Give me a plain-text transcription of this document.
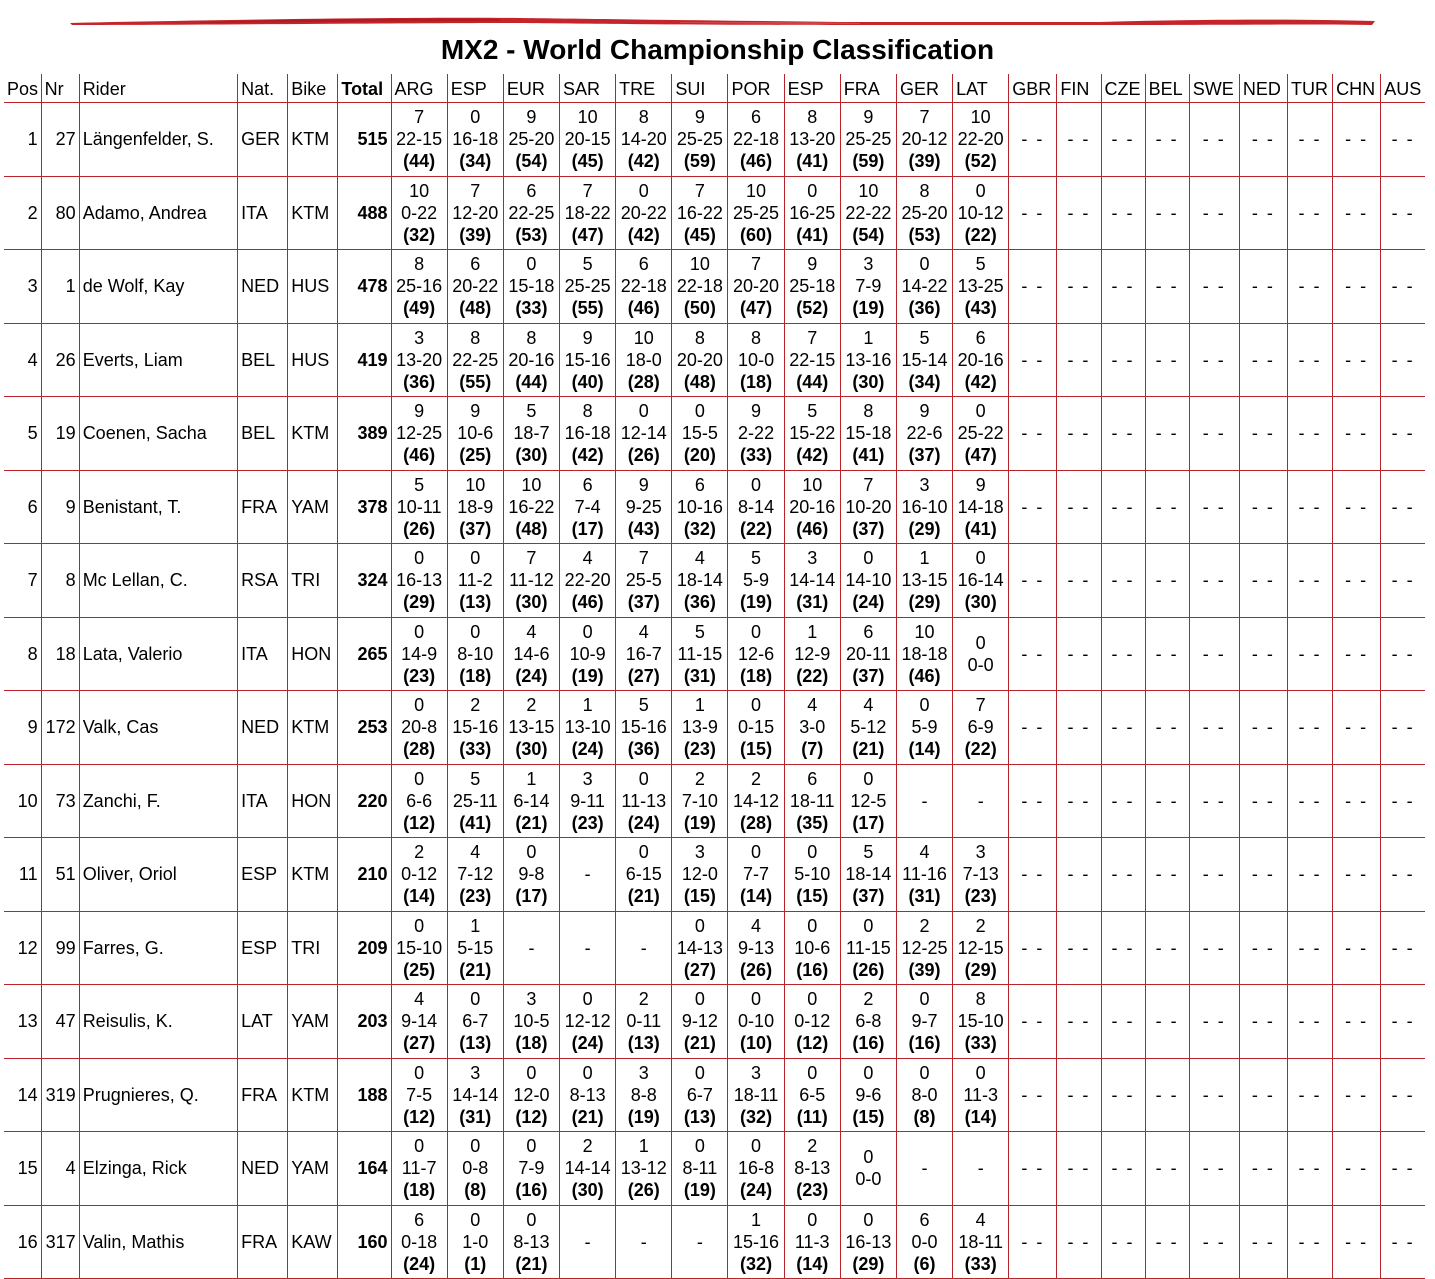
MX2 - World Championship Classification
Pos	Nr	Rider	Nat.	Bike	Total	ARG	ESP	EUR	SAR	TRE	SUI	POR	ESP	FRA	GER	LAT	GBR	FIN	CZE	BEL	SWE	NED	TUR	CHN	AUS
1	27	Längenfelder, S.	GER	KTM	515	7
22-15
(44)	0
16-18
(34)	9
25-20
(54)	10
20-15
(45)	8
14-20
(42)	9
25-25
(59)	6
22-18
(46)	8
13-20
(41)	9
25-25
(59)	7
20-12
(39)	10
22-20
(52)	- -	- -	- -	- -	- -	- -	- -	- -	- -
2	80	Adamo, Andrea	ITA	KTM	488	10
0-22
(32)	7
12-20
(39)	6
22-25
(53)	7
18-22
(47)	0
20-22
(42)	7
16-22
(45)	10
25-25
(60)	0
16-25
(41)	10
22-22
(54)	8
25-20
(53)	0
10-12
(22)	- -	- -	- -	- -	- -	- -	- -	- -	- -
3	1	de Wolf, Kay	NED	HUS	478	8
25-16
(49)	6
20-22
(48)	0
15-18
(33)	5
25-25
(55)	6
22-18
(46)	10
22-18
(50)	7
20-20
(47)	9
25-18
(52)	3
7-9
(19)	0
14-22
(36)	5
13-25
(43)	- -	- -	- -	- -	- -	- -	- -	- -	- -
4	26	Everts, Liam	BEL	HUS	419	3
13-20
(36)	8
22-25
(55)	8
20-16
(44)	9
15-16
(40)	10
18-0
(28)	8
20-20
(48)	8
10-0
(18)	7
22-15
(44)	1
13-16
(30)	5
15-14
(34)	6
20-16
(42)	- -	- -	- -	- -	- -	- -	- -	- -	- -
5	19	Coenen, Sacha	BEL	KTM	389	9
12-25
(46)	9
10-6
(25)	5
18-7
(30)	8
16-18
(42)	0
12-14
(26)	0
15-5
(20)	9
2-22
(33)	5
15-22
(42)	8
15-18
(41)	9
22-6
(37)	0
25-22
(47)	- -	- -	- -	- -	- -	- -	- -	- -	- -
6	9	Benistant, T.	FRA	YAM	378	5
10-11
(26)	10
18-9
(37)	10
16-22
(48)	6
7-4
(17)	9
9-25
(43)	6
10-16
(32)	0
8-14
(22)	10
20-16
(46)	7
10-20
(37)	3
16-10
(29)	9
14-18
(41)	- -	- -	- -	- -	- -	- -	- -	- -	- -
7	8	Mc Lellan, C.	RSA	TRI	324	0
16-13
(29)	0
11-2
(13)	7
11-12
(30)	4
22-20
(46)	7
25-5
(37)	4
18-14
(36)	5
5-9
(19)	3
14-14
(31)	0
14-10
(24)	1
13-15
(29)	0
16-14
(30)	- -	- -	- -	- -	- -	- -	- -	- -	- -
8	18	Lata, Valerio	ITA	HON	265	0
14-9
(23)	0
8-10
(18)	4
14-6
(24)	0
10-9
(19)	4
16-7
(27)	5
11-15
(31)	0
12-6
(18)	1
12-9
(22)	6
20-11
(37)	10
18-18
(46)	0
0-0	- -	- -	- -	- -	- -	- -	- -	- -	- -
9	172	Valk, Cas	NED	KTM	253	0
20-8
(28)	2
15-16
(33)	2
13-15
(30)	1
13-10
(24)	5
15-16
(36)	1
13-9
(23)	0
0-15
(15)	4
3-0
(7)	4
5-12
(21)	0
5-9
(14)	7
6-9
(22)	- -	- -	- -	- -	- -	- -	- -	- -	- -
10	73	Zanchi, F.	ITA	HON	220	0
6-6
(12)	5
25-11
(41)	1
6-14
(21)	3
9-11
(23)	0
11-13
(24)	2
7-10
(19)	2
14-12
(28)	6
18-11
(35)	0
12-5
(17)	-	-	- -	- -	- -	- -	- -	- -	- -	- -	- -
11	51	Oliver, Oriol	ESP	KTM	210	2
0-12
(14)	4
7-12
(23)	0
9-8
(17)	-	0
6-15
(21)	3
12-0
(15)	0
7-7
(14)	0
5-10
(15)	5
18-14
(37)	4
11-16
(31)	3
7-13
(23)	- -	- -	- -	- -	- -	- -	- -	- -	- -
12	99	Farres, G.	ESP	TRI	209	0
15-10
(25)	1
5-15
(21)	-	-	-	0
14-13
(27)	4
9-13
(26)	0
10-6
(16)	0
11-15
(26)	2
12-25
(39)	2
12-15
(29)	- -	- -	- -	- -	- -	- -	- -	- -	- -
13	47	Reisulis, K.	LAT	YAM	203	4
9-14
(27)	0
6-7
(13)	3
10-5
(18)	0
12-12
(24)	2
0-11
(13)	0
9-12
(21)	0
0-10
(10)	0
0-12
(12)	2
6-8
(16)	0
9-7
(16)	8
15-10
(33)	- -	- -	- -	- -	- -	- -	- -	- -	- -
14	319	Prugnieres, Q.	FRA	KTM	188	0
7-5
(12)	3
14-14
(31)	0
12-0
(12)	0
8-13
(21)	3
8-8
(19)	0
6-7
(13)	3
18-11
(32)	0
6-5
(11)	0
9-6
(15)	0
8-0
(8)	0
11-3
(14)	- -	- -	- -	- -	- -	- -	- -	- -	- -
15	4	Elzinga, Rick	NED	YAM	164	0
11-7
(18)	0
0-8
(8)	0
7-9
(16)	2
14-14
(30)	1
13-12
(26)	0
8-11
(19)	0
16-8
(24)	2
8-13
(23)	0
0-0	-	-	- -	- -	- -	- -	- -	- -	- -	- -	- -
16	317	Valin, Mathis	FRA	KAW	160	6
0-18
(24)	0
1-0
(1)	0
8-13
(21)	-	-	-	1
15-16
(32)	0
11-3
(14)	0
16-13
(29)	6
0-0
(6)	4
18-11
(33)	- -	- -	- -	- -	- -	- -	- -	- -	- -
